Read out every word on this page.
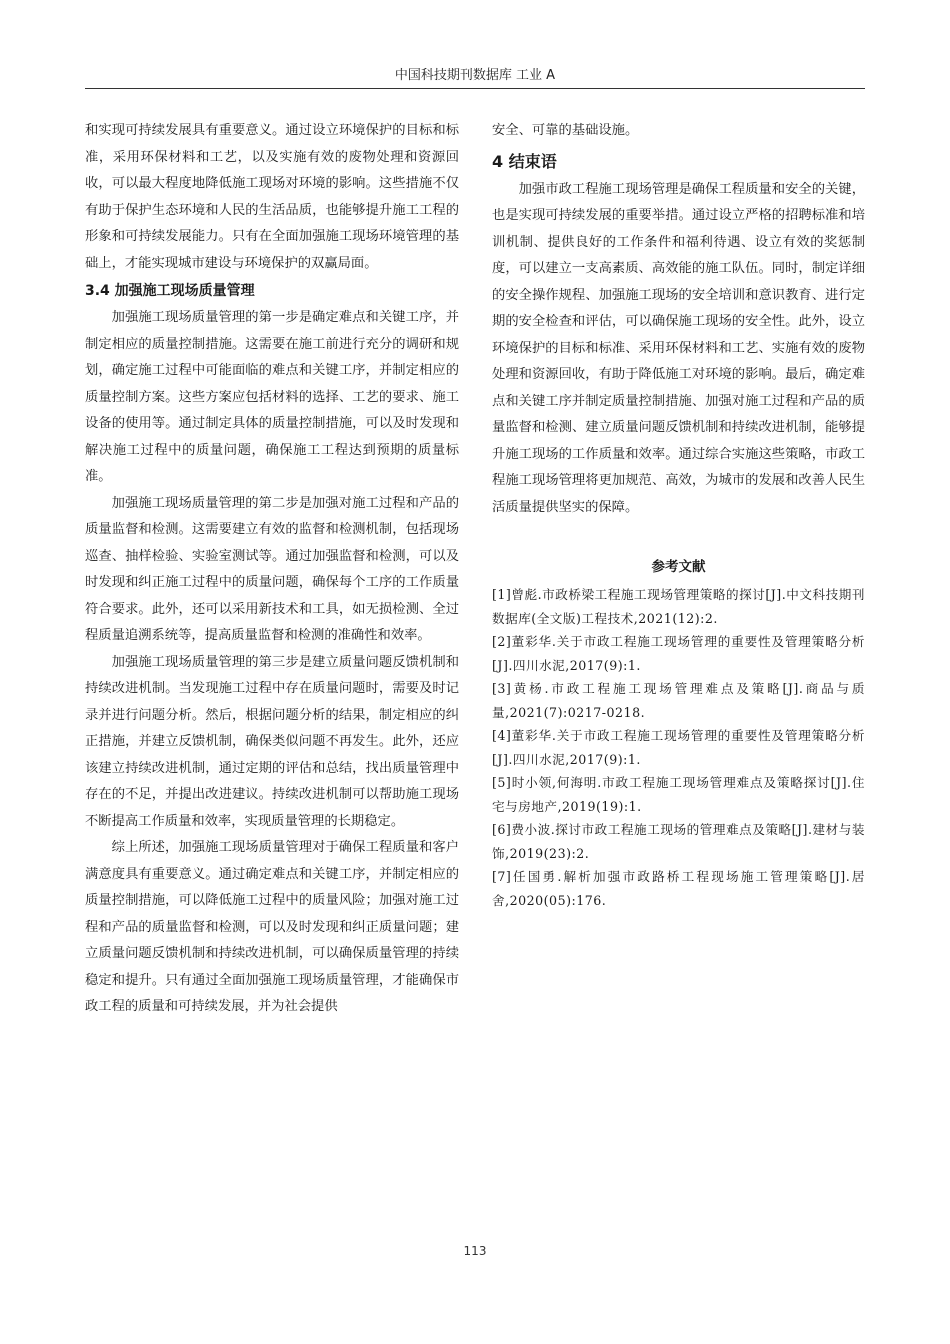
中国科技期刊数据库 工业 A

和实现可持续发展具有重要意义。通过设立环境保护的目标和标准，采用环保材料和工艺，以及实施有效的废物处理和资源回收，可以最大程度地降低施工现场对环境的影响。这些措施不仅有助于保护生态环境和人民的生活品质，也能够提升施工工程的形象和可持续发展能力。只有在全面加强施工现场环境管理的基础上，才能实现城市建设与环境保护的双赢局面。

3.4 加强施工现场质量管理

加强施工现场质量管理的第一步是确定难点和关键工序，并制定相应的质量控制措施。这需要在施工前进行充分的调研和规划，确定施工过程中可能面临的难点和关键工序，并制定相应的质量控制方案。这些方案应包括材料的选择、工艺的要求、施工设备的使用等。通过制定具体的质量控制措施，可以及时发现和解决施工过程中的质量问题，确保施工工程达到预期的质量标准。

加强施工现场质量管理的第二步是加强对施工过程和产品的质量监督和检测。这需要建立有效的监督和检测机制，包括现场巡查、抽样检验、实验室测试等。通过加强监督和检测，可以及时发现和纠正施工过程中的质量问题，确保每个工序的工作质量符合要求。此外，还可以采用新技术和工具，如无损检测、全过程质量追溯系统等，提高质量监督和检测的准确性和效率。

加强施工现场质量管理的第三步是建立质量问题反馈机制和持续改进机制。当发现施工过程中存在质量问题时，需要及时记录并进行问题分析。然后，根据问题分析的结果，制定相应的纠正措施，并建立反馈机制，确保类似问题不再发生。此外，还应该建立持续改进机制，通过定期的评估和总结，找出质量管理中存在的不足，并提出改进建议。持续改进机制可以帮助施工现场不断提高工作质量和效率，实现质量管理的长期稳定。

综上所述，加强施工现场质量管理对于确保工程质量和客户满意度具有重要意义。通过确定难点和关键工序，并制定相应的质量控制措施，可以降低施工过程中的质量风险；加强对施工过程和产品的质量监督和检测，可以及时发现和纠正质量问题；建立质量问题反馈机制和持续改进机制，可以确保质量管理的持续稳定和提升。只有通过全面加强施工现场质量管理，才能确保市政工程的质量和可持续发展，并为社会提供

安全、可靠的基础设施。

4 结束语

加强市政工程施工现场管理是确保工程质量和安全的关键，也是实现可持续发展的重要举措。通过设立严格的招聘标准和培训机制、提供良好的工作条件和福利待遇、设立有效的奖惩制度，可以建立一支高素质、高效能的施工队伍。同时，制定详细的安全操作规程、加强施工现场的安全培训和意识教育、进行定期的安全检查和评估，可以确保施工现场的安全性。此外，设立环境保护的目标和标准、采用环保材料和工艺、实施有效的废物处理和资源回收，有助于降低施工对环境的影响。最后，确定难点和关键工序并制定质量控制措施、加强对施工过程和产品的质量监督和检测、建立质量问题反馈机制和持续改进机制，能够提升施工现场的工作质量和效率。通过综合实施这些策略，市政工程施工现场管理将更加规范、高效，为城市的发展和改善人民生活质量提供坚实的保障。

参考文献

[1]曾彪.市政桥梁工程施工现场管理策略的探讨[J].中文科技期刊数据库(全文版)工程技术,2021(12):2.

[2]董彩华.关于市政工程施工现场管理的重要性及管理策略分析[J].四川水泥,2017(9):1.

[3]黄杨.市政工程施工现场管理难点及策略[J].商品与质量,2021(7):0217-0218.

[4]董彩华.关于市政工程施工现场管理的重要性及管理策略分析[J].四川水泥,2017(9):1.

[5]时小领,何海明.市政工程施工现场管理难点及策略探讨[J].住宅与房地产,2019(19):1.

[6]费小波.探讨市政工程施工现场的管理难点及策略[J].建材与装饰,2019(23):2.

[7]任国勇.解析加强市政路桥工程现场施工管理策略[J].居舍,2020(05):176.

113
